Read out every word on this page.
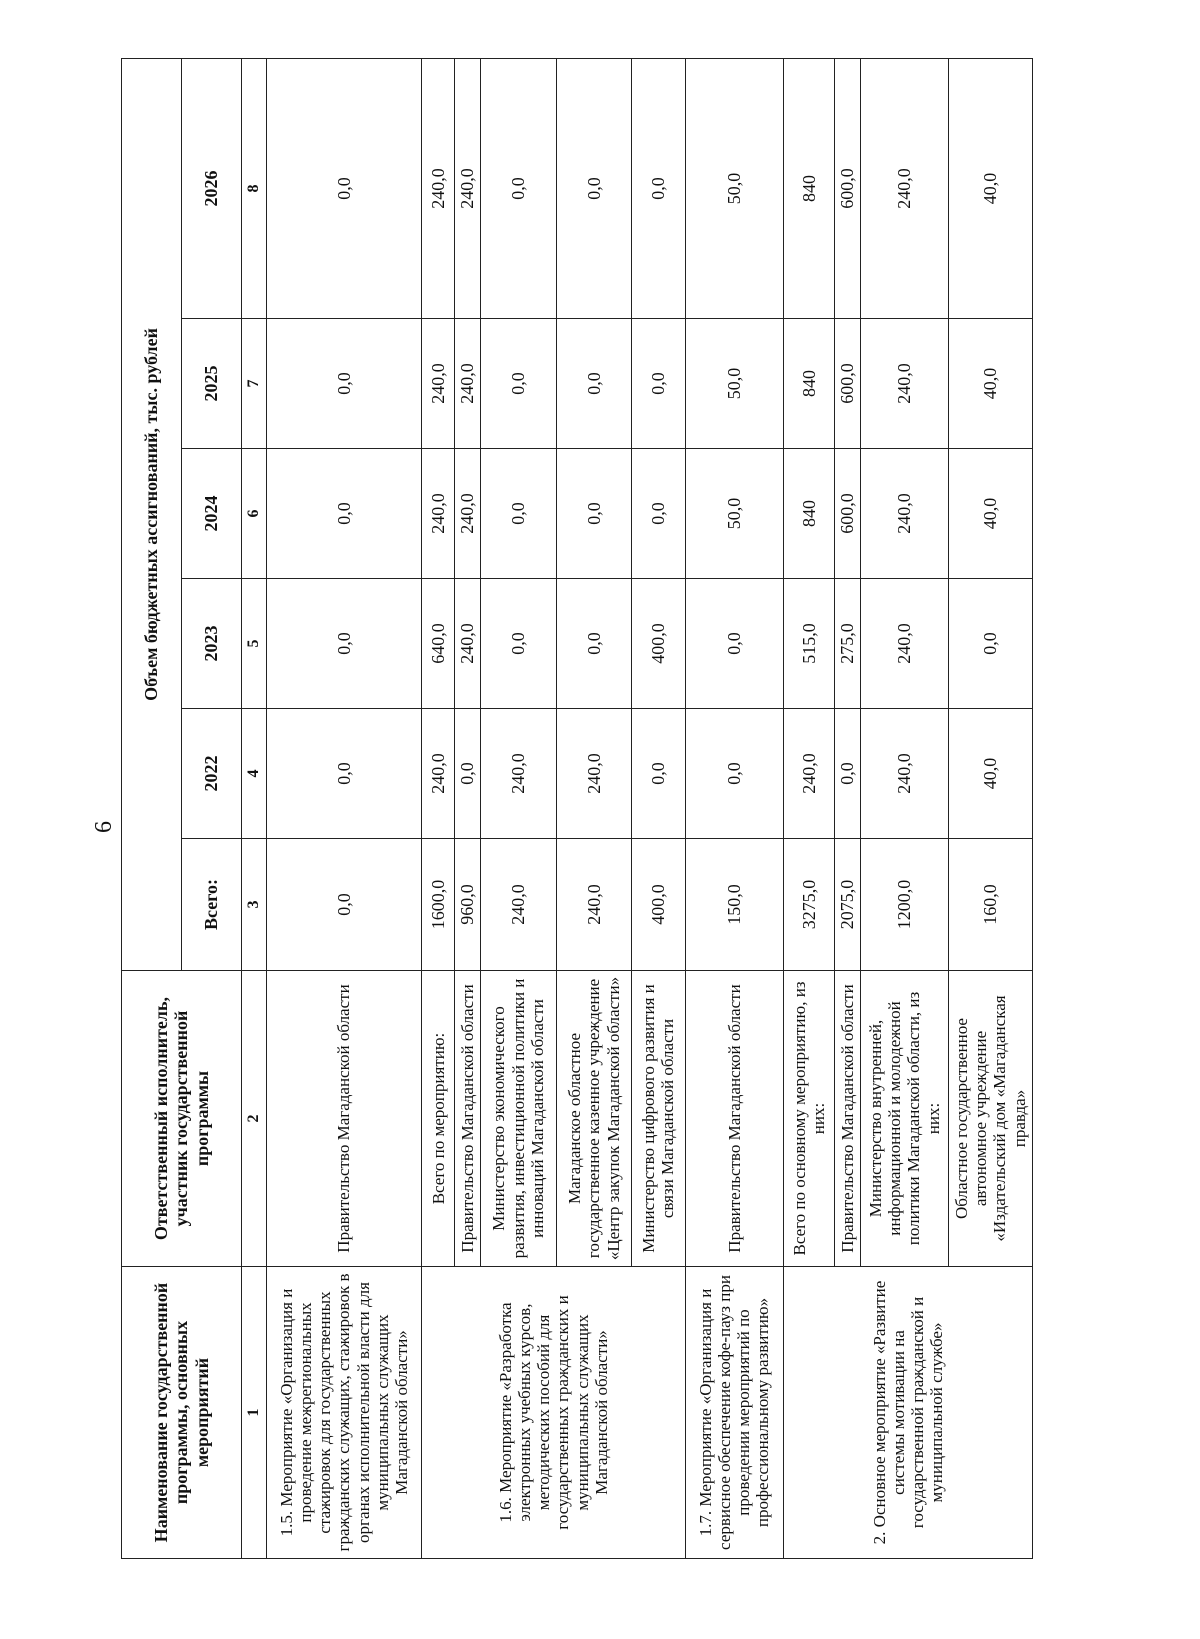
6
Наименование государственной программы, основных мероприятий	Ответственный исполнитель, участник государственной программы	Объем бюджетных ассигнований, тыс. рублей					
		Всего:	2022	2023	2024	2025	2026
1	2	3	4	5	6	7	8
1.5. Мероприятие «Организация и проведение межрегиональных стажировок для государственных гражданских служащих, стажировок в органах исполнительной власти для муниципальных служащих Магаданской области»	Правительство Магаданской области	0,0	0,0	0,0	0,0	0,0	0,0
1.6. Мероприятие «Разработка электронных учебных курсов, методических пособий для государственных гражданских и муниципальных служащих Магаданской области»	Всего по мероприятию:	1600,0	240,0	640,0	240,0	240,0	240,0
	Правительство Магаданской области	960,0	0,0	240,0	240,0	240,0	240,0
	Министерство экономического развития, инвестиционной политики и инноваций Магаданской области	240,0	240,0	0,0	0,0	0,0	0,0
	Магаданское областное государственное казенное учреждение «Центр закупок Магаданской области»	240,0	240,0	0,0	0,0	0,0	0,0
	Министерство цифрового развития и связи Магаданской области	400,0	0,0	400,0	0,0	0,0	0,0
1.7. Мероприятие «Организация и сервисное обеспечение кофе-пауз при проведении мероприятий по профессиональному развитию»	Правительство Магаданской области	150,0	0,0	0,0	50,0	50,0	50,0
2. Основное мероприятие «Развитие системы мотивации на государственной гражданской и муниципальной службе»	Всего по основному мероприятию, из них:	3275,0	240,0	515,0	840	840	840
	Правительство Магаданской области	2075,0	0,0	275,0	600,0	600,0	600,0
	Министерство внутренней, информационной и молодежной политики Магаданской области, из них:	1200,0	240,0	240,0	240,0	240,0	240,0
	Областное государственное автономное учреждение «Издательский дом «Магаданская правда»	160,0	40,0	0,0	40,0	40,0	40,0
